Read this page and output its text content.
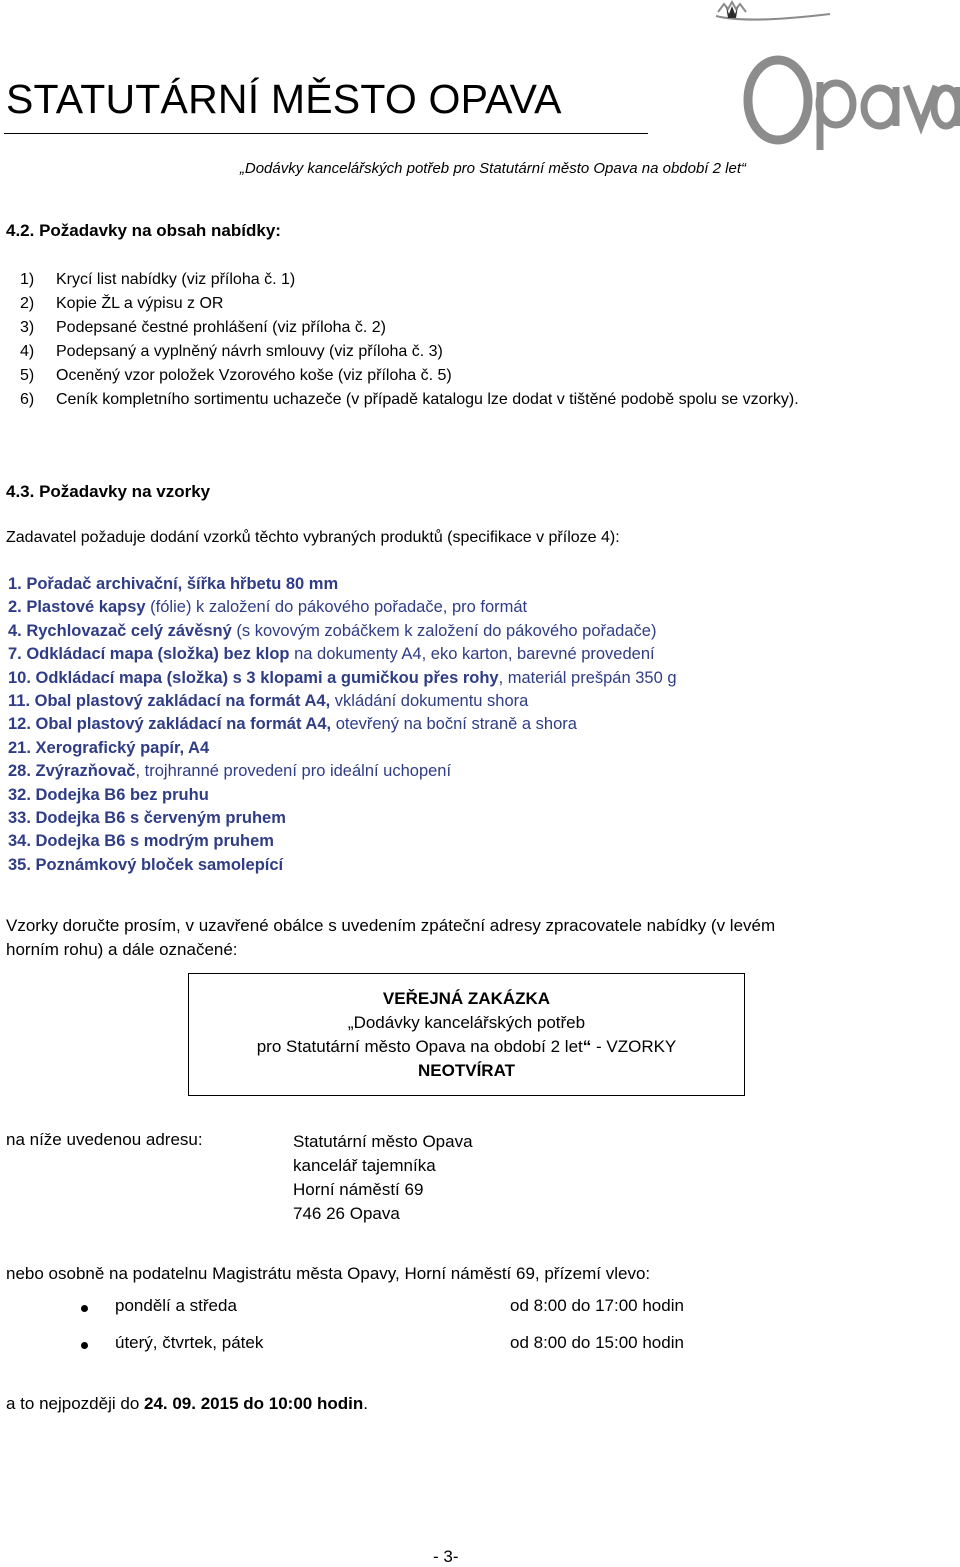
STATUTÁRNÍ MĚSTO OPAVA
„Dodávky kancelářských potřeb pro Statutární město Opava na období 2 let“
4.2. Požadavky na obsah nabídky:
1)	Krycí list nabídky (viz příloha č. 1)
2)	Kopie ŽL a výpisu z OR
3)	Podepsané čestné prohlášení (viz příloha č. 2)
4)	Podepsaný a vyplněný návrh smlouvy (viz příloha č. 3)
5)	Oceněný vzor položek Vzorového koše (viz příloha č. 5)
6)	Ceník kompletního sortimentu uchazeče (v případě katalogu lze dodat v tištěné podobě spolu se vzorky).
4.3. Požadavky na vzorky
Zadavatel požaduje dodání vzorků těchto vybraných produktů (specifikace v příloze 4):
1. Pořadač archivační, šířka hřbetu 80 mm
2. Plastové kapsy (fólie) k založení do pákového pořadače, pro formát
4. Rychlovazač celý závěsný (s kovovým zobáčkem k založení do pákového pořadače)
7. Odkládací mapa (složka) bez klop na dokumenty A4, eko karton, barevné provedení
10. Odkládací mapa (složka) s 3 klopami a gumičkou přes rohy, materiál prešpán 350 g
11. Obal plastový zakládací na formát A4, vkládání dokumentu shora
12. Obal plastový zakládací na formát A4, otevřený na boční straně a shora
21. Xerografický papír, A4
28. Zvýrazňovač, trojhranné provedení pro ideální uchopení
32. Dodejka B6 bez pruhu
33. Dodejka B6 s červeným pruhem
34. Dodejka B6 s modrým pruhem
35. Poznámkový bloček samolepící
Vzorky doručte prosím, v uzavřené obálce s uvedením zpáteční adresy zpracovatele nabídky (v levém
horním rohu) a dále označené:
VEŘEJNÁ ZAKÁZKA
„Dodávky kancelářských potřeb
pro Statutární město Opava na období 2 let“ - VZORKY
NEOTVÍRAT
na níže uvedenou adresu:	Statutární město Opava
kancelář tajemníka
Horní náměstí 69
746 26 Opava
nebo osobně na podatelnu Magistrátu města Opavy, Horní náměstí 69, přízemí vlevo:
pondělí a středa	od 8:00 do 17:00 hodin
úterý, čtvrtek, pátek	od 8:00 do 15:00 hodin
a to nejpozději do 24. 09. 2015 do 10:00 hodin.
- 3-
